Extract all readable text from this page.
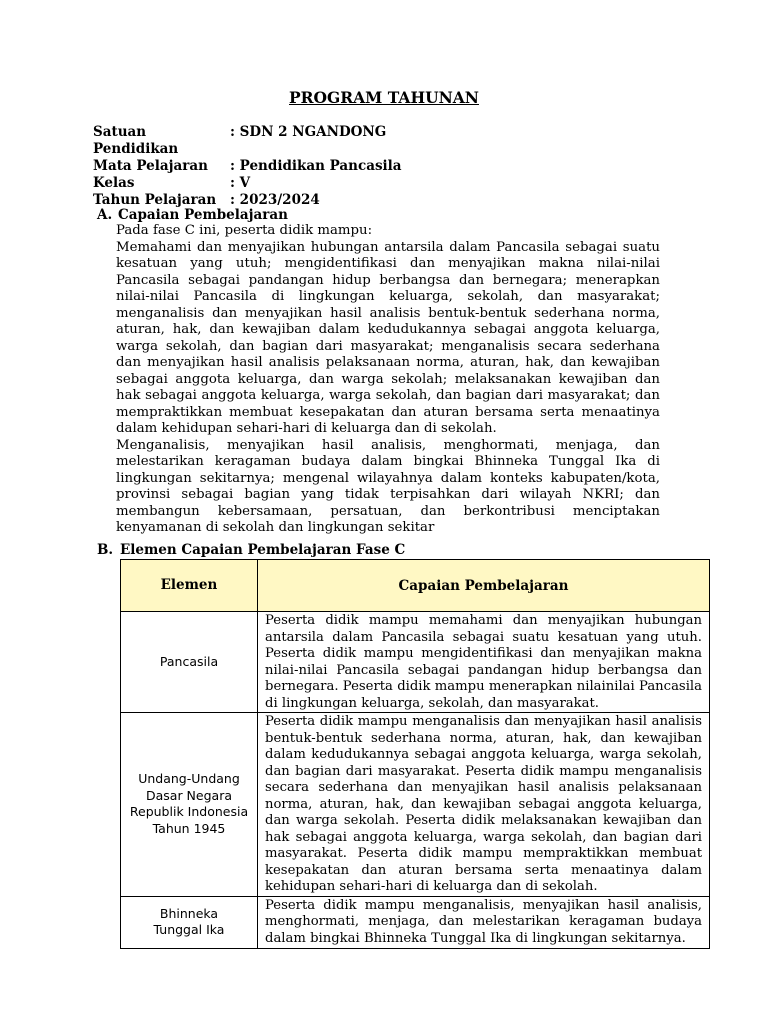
PROGRAM TAHUNAN
Satuan Pendidikan
: SDN 2 NGANDONG
Mata Pelajaran	: Pendidikan Pancasila
Kelas	: V
Tahun Pelajaran	: 2023/2024
A. Capaian Pembelajaran

Pada fase C ini, peserta didik mampu:

Memahami dan menyajikan hubungan antarsila dalam Pancasila sebagai suatu kesatuan yang utuh; mengidentifikasi dan menyajikan makna nilai-nilai Pancasila sebagai pandangan hidup berbangsa dan bernegara; menerapkan nilai-nilai Pancasila di lingkungan keluarga, sekolah, dan masyarakat; menganalisis dan menyajikan hasil analisis bentuk-bentuk sederhana norma, aturan, hak, dan kewajiban dalam kedudukannya sebagai anggota keluarga, warga sekolah, dan bagian dari masyarakat; menganalisis secara sederhana dan menyajikan hasil analisis pelaksanaan norma, aturan, hak, dan kewajiban sebagai anggota keluarga, dan warga sekolah; melaksanakan kewajiban dan hak sebagai anggota keluarga, warga sekolah, dan bagian dari masyarakat; dan mempraktikkan membuat kesepakatan dan aturan bersama serta menaatinya dalam kehidupan sehari-hari di keluarga dan di sekolah.

Menganalisis, menyajikan hasil analisis, menghormati, menjaga, dan melestarikan keragaman budaya dalam bingkai Bhinneka Tunggal Ika di lingkungan sekitarnya; mengenal wilayahnya dalam konteks kabupaten/kota, provinsi sebagai bagian yang tidak terpisahkan dari wilayah NKRI; dan membangun kebersamaan, persatuan, dan berkontribusi menciptakan kenyamanan di sekolah dan lingkungan sekitar

B. Elemen Capaian Pembelajaran Fase C
Elemen	Capaian Pembelajaran
Pancasila	Peserta didik mampu memahami dan menyajikan hubungan antarsila dalam Pancasila sebagai suatu kesatuan yang utuh. Peserta didik mampu mengidentifikasi dan menyajikan makna nilai-nilai Pancasila sebagai pandangan hidup berbangsa dan bernegara. Peserta didik mampu menerapkan nilainilai Pancasila di lingkungan keluarga, sekolah, dan masyarakat.
Undang-Undang Dasar Negara Republik Indonesia Tahun 1945	Peserta didik mampu menganalisis dan menyajikan hasil analisis bentuk-bentuk sederhana norma, aturan, hak, dan kewajiban dalam kedudukannya sebagai anggota keluarga, warga sekolah, dan bagian dari masyarakat. Peserta didik mampu menganalisis secara sederhana dan menyajikan hasil analisis pelaksanaan norma, aturan, hak, dan kewajiban sebagai anggota keluarga, dan warga sekolah. Peserta didik melaksanakan kewajiban dan hak sebagai anggota keluarga, warga sekolah, dan bagian dari masyarakat. Peserta didik mampu mempraktikkan membuat kesepakatan dan aturan bersama serta menaatinya dalam kehidupan sehari-hari di keluarga dan di sekolah.
Bhinneka Tunggal Ika	Peserta didik mampu menganalisis, menyajikan hasil analisis, menghormati, menjaga, dan melestarikan keragaman budaya dalam bingkai Bhinneka Tunggal Ika di lingkungan sekitarnya.
